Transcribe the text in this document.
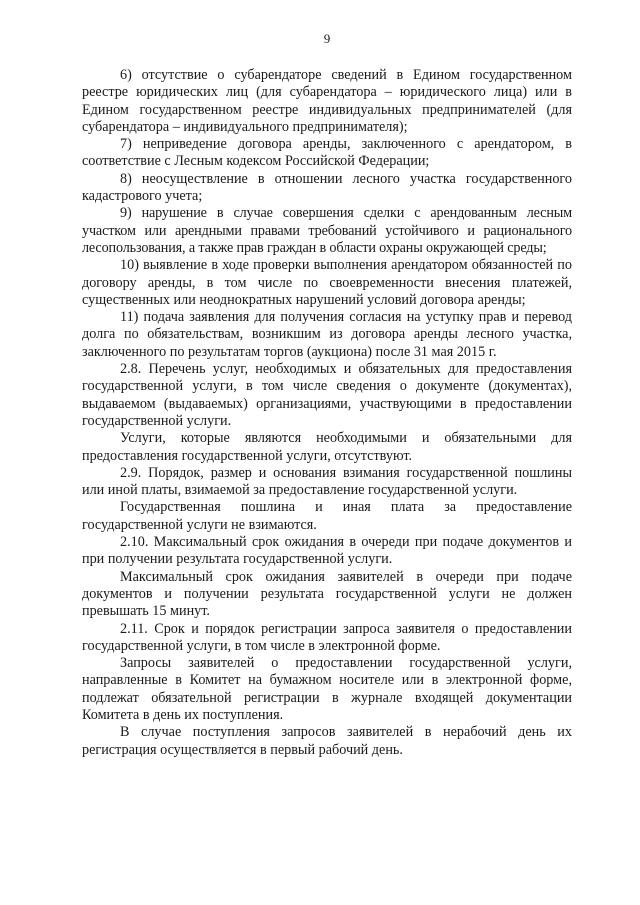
9

6) отсутствие о субарендаторе сведений в Едином государственном реестре юридических лиц (для субарендатора – юридического лица) или в Едином государственном реестре индивидуальных предпринимателей (для субарендатора – индивидуального предпринимателя);

7) неприведение договора аренды, заключенного с арендатором, в соответствие с Лесным кодексом Российской Федерации;

8) неосуществление в отношении лесного участка государственного кадастрового учета;

9) нарушение в случае совершения сделки с арендованным лесным участком или арендными правами требований устойчивого и рационального лесопользования, а также прав граждан в области охраны окружающей среды;

10) выявление в ходе проверки выполнения арендатором обязанностей по договору аренды, в том числе по своевременности внесения платежей, существенных или неоднократных нарушений условий договора аренды;

11) подача заявления для получения согласия на уступку прав и перевод долга по обязательствам, возникшим из договора аренды лесного участка, заключенного по результатам торгов (аукциона) после 31 мая 2015 г.

2.8. Перечень услуг, необходимых и обязательных для предоставления государственной услуги, в том числе сведения о документе (документах), выдаваемом (выдаваемых) организациями, участвующими в предоставлении государственной услуги.

Услуги, которые являются необходимыми и обязательными для предоставления государственной услуги, отсутствуют.

2.9. Порядок, размер и основания взимания государственной пошлины или иной платы, взимаемой за предоставление государственной услуги.

Государственная пошлина и иная плата за предоставление государственной услуги не взимаются.

2.10. Максимальный срок ожидания в очереди при подаче документов и при получении результата государственной услуги.

Максимальный срок ожидания заявителей в очереди при подаче документов и получении результата государственной услуги не должен превышать 15 минут.

2.11. Срок и порядок регистрации запроса заявителя о предоставлении государственной услуги, в том числе в электронной форме.

Запросы заявителей о предоставлении государственной услуги, направленные в Комитет на бумажном носителе или в электронной форме, подлежат обязательной регистрации в журнале входящей документации Комитета в день их поступления.

В случае поступления запросов заявителей в нерабочий день их регистрация осуществляется в первый рабочий день.
